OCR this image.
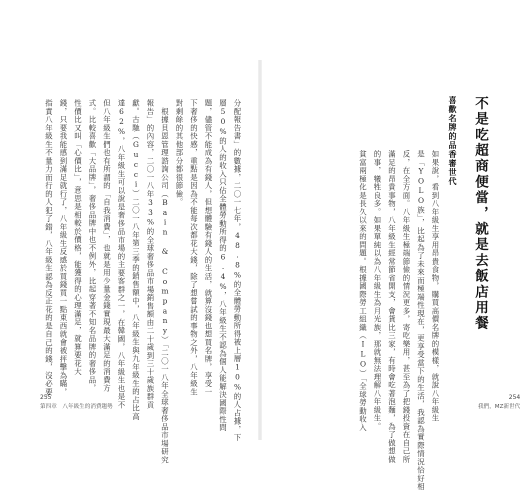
分配報告書」的數據，二〇一七年，48.8%的全體勞動所得被上層10%的人占據，下
層50%的人的收入只佔全體勞動所得的6.4%，八年級生不認為個人能解決國際性問
題，儘管不能成為有錢人，但想體驗有錢人的生活，就算沒錢也想買名牌，享受一
下奢侈的快感，重點是因為不能每次都花大錢，除了想嘗試的事物之外，八年級生
對剩餘的其他部分都很節儉。
　根據貝恩管理諮詢公司（Bain & Company）「二〇一八年全球奢侈品市場研究
報告」的內容，二〇一八年33%的全球奢侈品市場銷售額由二十歲到三十歲族群貢
獻。古馳（Gucci）二〇一八年第三季的銷售額中，八年級生與九年級生的占比高
達62%，八年級生可以說是奢侈品市場的主要客群之一，在韓國，八年級生也是不
但八年級生們也有所謂的「自我消費」，也就是用少量金錢實現最大滿足的消費方
式。比較喜歡「大品牌」，奢侈品牌中也不例外，比起穿著不知名品牌的奢侈品，
性價比又叫「心價比」，意思是相較於價格，能獲得的心理滿足，就算要花大
錢，只要我能感到滿足就行了，八年級生反感於買錢買一點東西就會被抨擊為瞞，
指責八年級生不量力而行的人犯了錯，八年級生認為反正花的是自己的錢，沒必要
255
第四章　八年級生的消費趨勢
不是吃超商便當，就是去飯店用餐
喜歡名牌的品香審世代
如果說，看到八年級生享用昂貴食物，購買高價名牌的模樣，就說八年級生
是「YOLO族」，比起為了未來而極端性現在，更享受當下的生活，我認為實際情況恰好相
反，在全方面。八年級生極端節儉的情況更多，寄吃樂用，甚至為了把錢投資在自己所
滿足的昂貴事物，八年級生經常節省開支，會貨比三家，有時會吃著泡麵，為了做想做
的事，犧牲良多。如果單純以為八年級生為月光族，那就無法理解八年級生。
貧富兩極化是長久以來的問題。根據國際勞工組織（ILO）「全球勞動收入	254
我們，MZ新世代
